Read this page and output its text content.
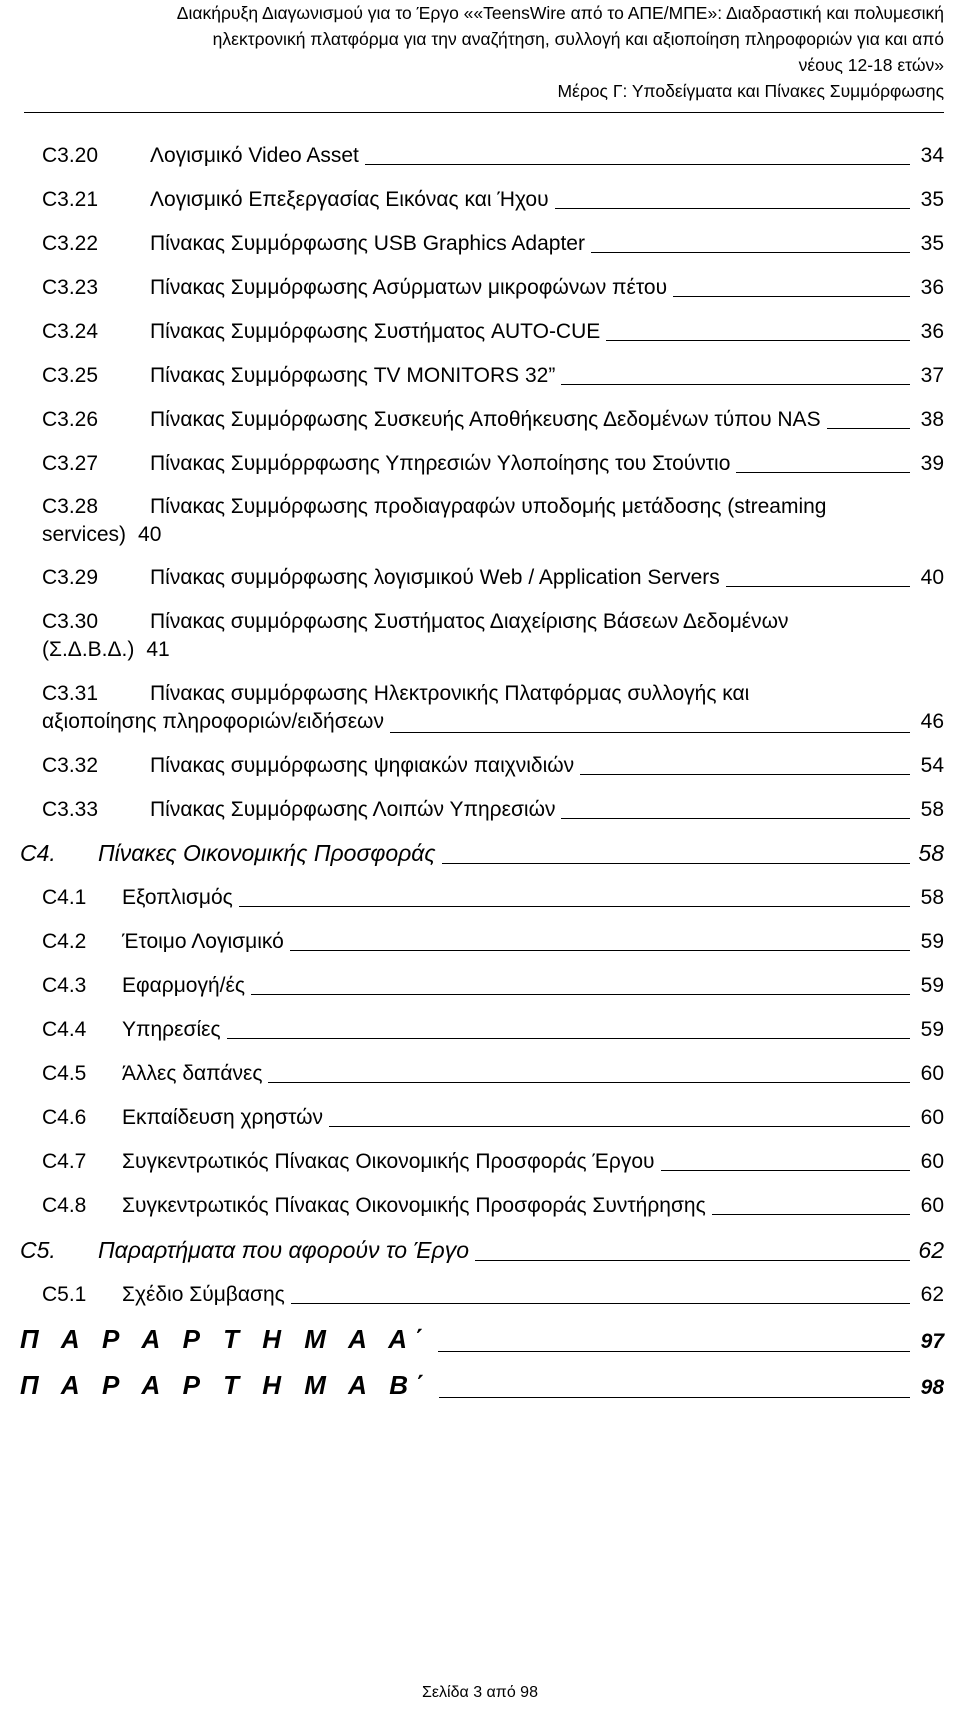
Διακήρυξη Διαγωνισμού για το Έργο ««TeensWire από το ΑΠΕ/ΜΠΕ»: Διαδραστική και πολυμεσική
ηλεκτρονική πλατφόρμα για την αναζήτηση, συλλογή και αξιοποίηση πληροφοριών για και από
νέους 12-18 ετών»
Μέρος Γ: Υποδείγματα και Πίνακες Συμμόρφωσης
C3.20	Λογισμικό Video Asset	34
C3.21	Λογισμικό Επεξεργασίας Εικόνας και Ήχου	35
C3.22	Πίνακας Συμμόρφωσης USB Graphics Adapter	35
C3.23	Πίνακας Συμμόρφωσης Ασύρματων μικροφώνων πέτου	36
C3.24	Πίνακας Συμμόρφωσης Συστήματος AUTO-CUE	36
C3.25	Πίνακας Συμμόρφωσης TV MONITORS 32”	37
C3.26	Πίνακας Συμμόρφωσης Συσκευής Αποθήκευσης Δεδομένων τύπου NAS	38
C3.27	Πίνακας Συμμόρρφωσης Υπηρεσιών Υλοποίησης του Στούντιο	39
C3.28	Πίνακας Συμμόρφωσης προδιαγραφών υποδομής μετάδοσης (streaming
services) 40
C3.29	Πίνακας συμμόρφωσης λογισμικού Web / Application Servers	40
C3.30	Πίνακας συμμόρφωσης Συστήματος Διαχείρισης Βάσεων Δεδομένων
(Σ.Δ.Β.Δ.) 41
C3.31	Πίνακας συμμόρφωσης Ηλεκτρονικής Πλατφόρμας συλλογής και
αξιοποίησης πληροφοριών/ειδήσεων	46
C3.32	Πίνακας συμμόρφωσης ψηφιακών παιχνιδιών	54
C3.33	Πίνακας Συμμόρφωσης Λοιπών Υπηρεσιών	58
C4.	Πίνακες Οικονομικής Προσφοράς	58
C4.1	Εξοπλισμός	58
C4.2	Έτοιμο Λογισμικό	59
C4.3	Εφαρμογή/ές	59
C4.4	Υπηρεσίες	59
C4.5	Άλλες δαπάνες	60
C4.6	Εκπαίδευση χρηστών	60
C4.7	Συγκεντρωτικός Πίνακας Οικονομικής Προσφοράς Έργου	60
C4.8	Συγκεντρωτικός Πίνακας Οικονομικής Προσφοράς Συντήρησης	60
C5.	Παραρτήματα που αφορούν το Έργο	62
C5.1	Σχέδιο Σύμβασης	62
Π Α Ρ Α Ρ Τ Η Μ Α Α΄	97
Π Α Ρ Α Ρ Τ Η Μ Α Β΄	98
Σελίδα 3 από 98
